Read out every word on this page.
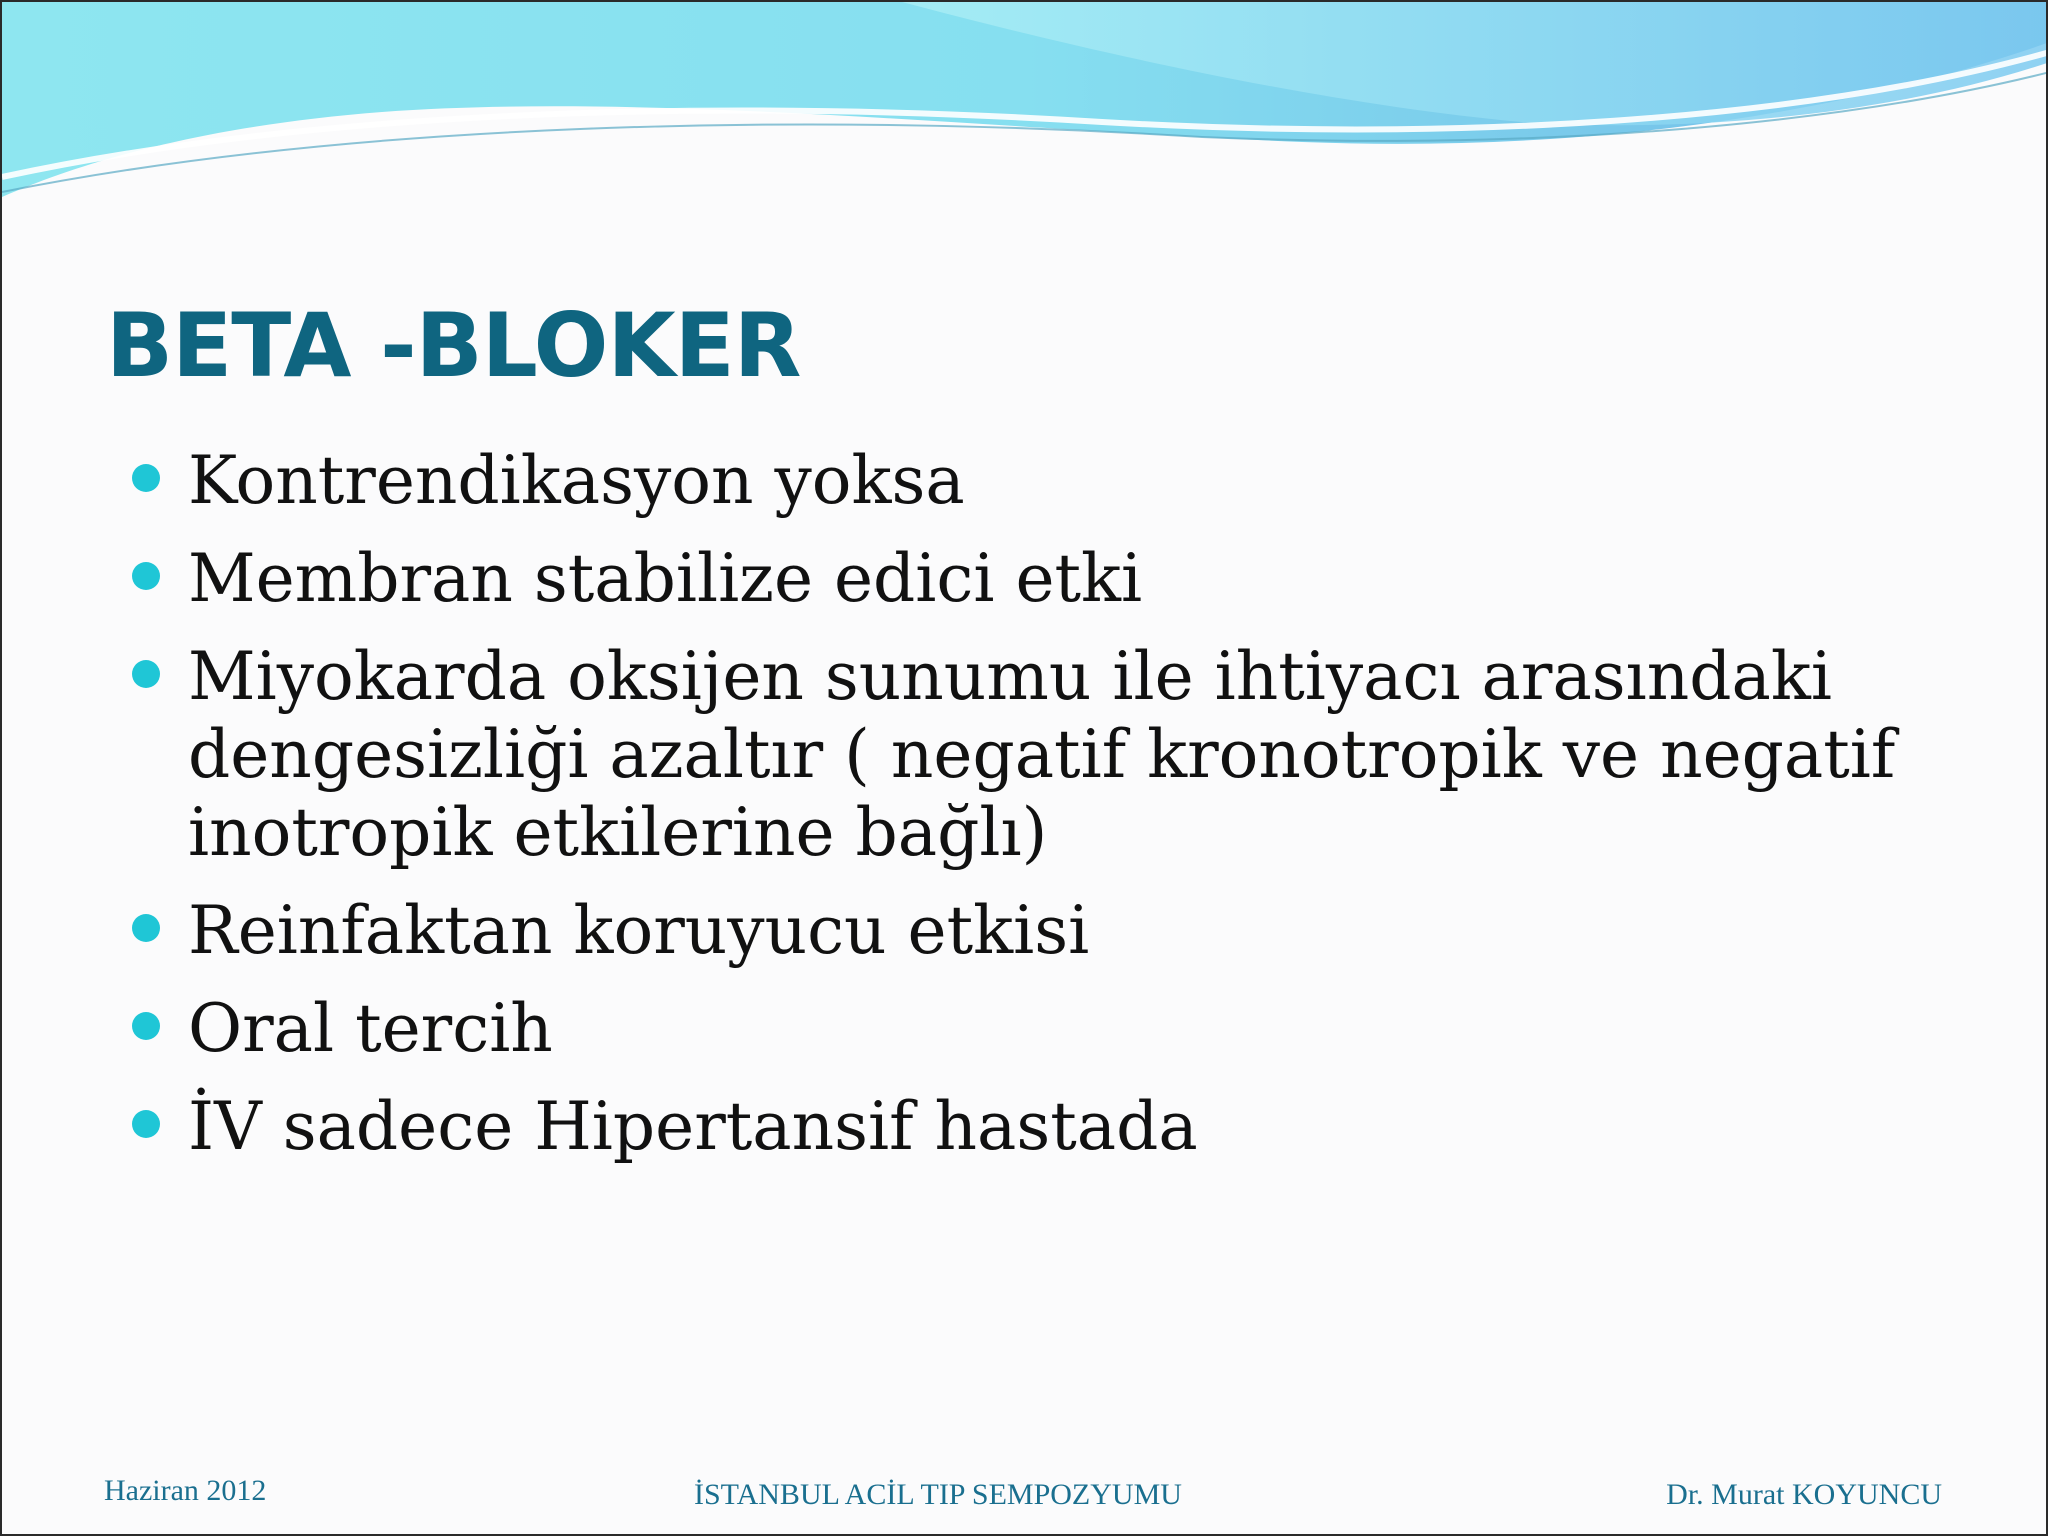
BETA -BLOKER
Kontrendikasyon yoksa
Membran stabilize edici etki
Miyokarda oksijen sunumu ile ihtiyacı arasındaki dengesizliği azaltır ( negatif kronotropik ve negatif inotropik etkilerine bağlı)
Reinfaktan koruyucu etkisi
Oral tercih
İV sadece Hipertansif hastada
Haziran 2012	İSTANBUL ACİL TIP SEMPOZYUMU	Dr. Murat KOYUNCU
